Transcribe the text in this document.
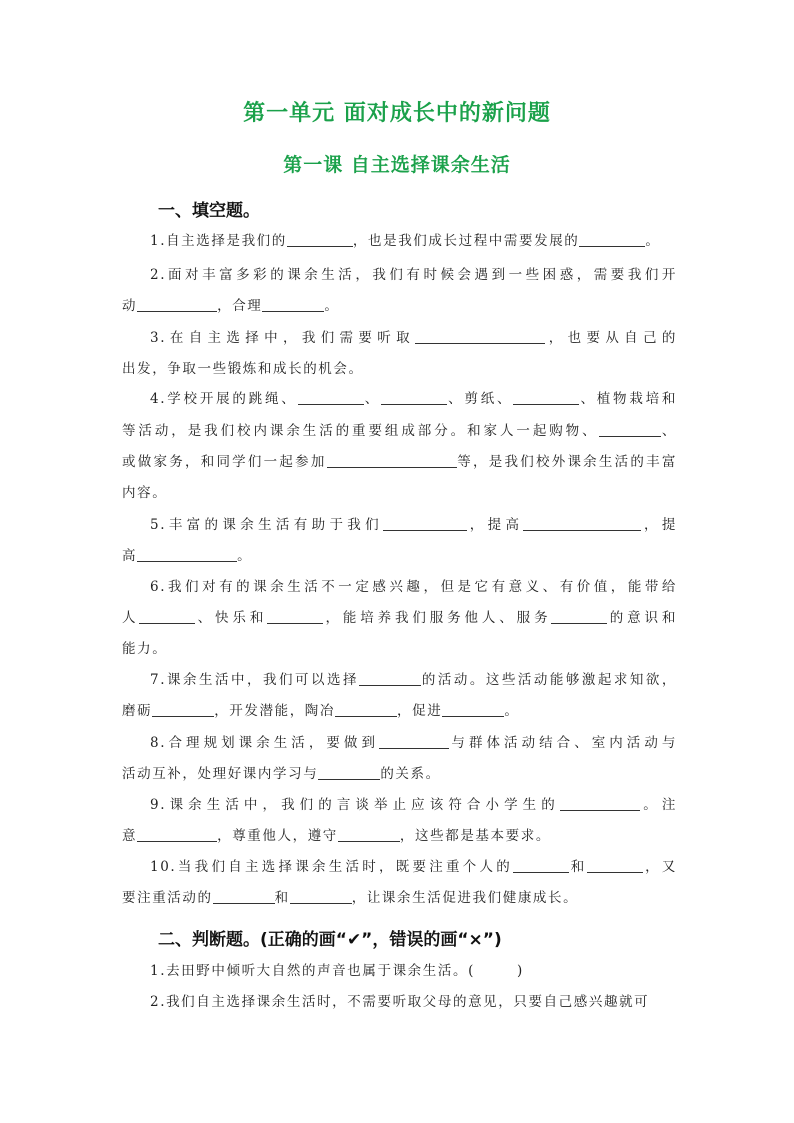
第一单元 面对成长中的新问题
第一课 自主选择课余生活
一、填空题。
1.自主选择是我们的	，也是我们成长过程中需要发展的	。
2.面对丰富多彩的课余生活，我们有时候会遇到一些困惑，需要我们开
动	，合理	。
3.在自主选择中，我们需要听取	，也要从自己的
出发，争取一些锻炼和成长的机会。
4.学校开展的跳绳、	、	、剪纸、	、植物栽培和
等活动，是我们校内课余生活的重要组成部分。和家人一起购物、	、
或做家务，和同学们一起参加	等，是我们校外课余生活的丰富
内容。
5.丰富的课余生活有助于我们	，提高	，提
高	。
6.我们对有的课余生活不一定感兴趣，但是它有意义、有价值，能带给
人	、快乐和	，能培养我们服务他人、服务	的意识和
能力。
7.课余生活中，我们可以选择	的活动。这些活动能够激起求知欲，
磨砺	，开发潜能，陶冶	，促进	。
8.合理规划课余生活，要做到	与群体活动结合、室内活动与
活动互补，处理好课内学习与	的关系。
9.课余生活中，我们的言谈举止应该符合小学生的	。注
意	，尊重他人，遵守	，这些都是基本要求。
10.当我们自主选择课余生活时，既要注重个人的	和	，又
要注重活动的	和	，让课余生活促进我们健康成长。
二、判断题。(正确的画“✔”，错误的画“×”)
1.去田野中倾听大自然的声音也属于课余生活。(	)
2.我们自主选择课余生活时，不需要听取父母的意见，只要自己感兴趣就可
